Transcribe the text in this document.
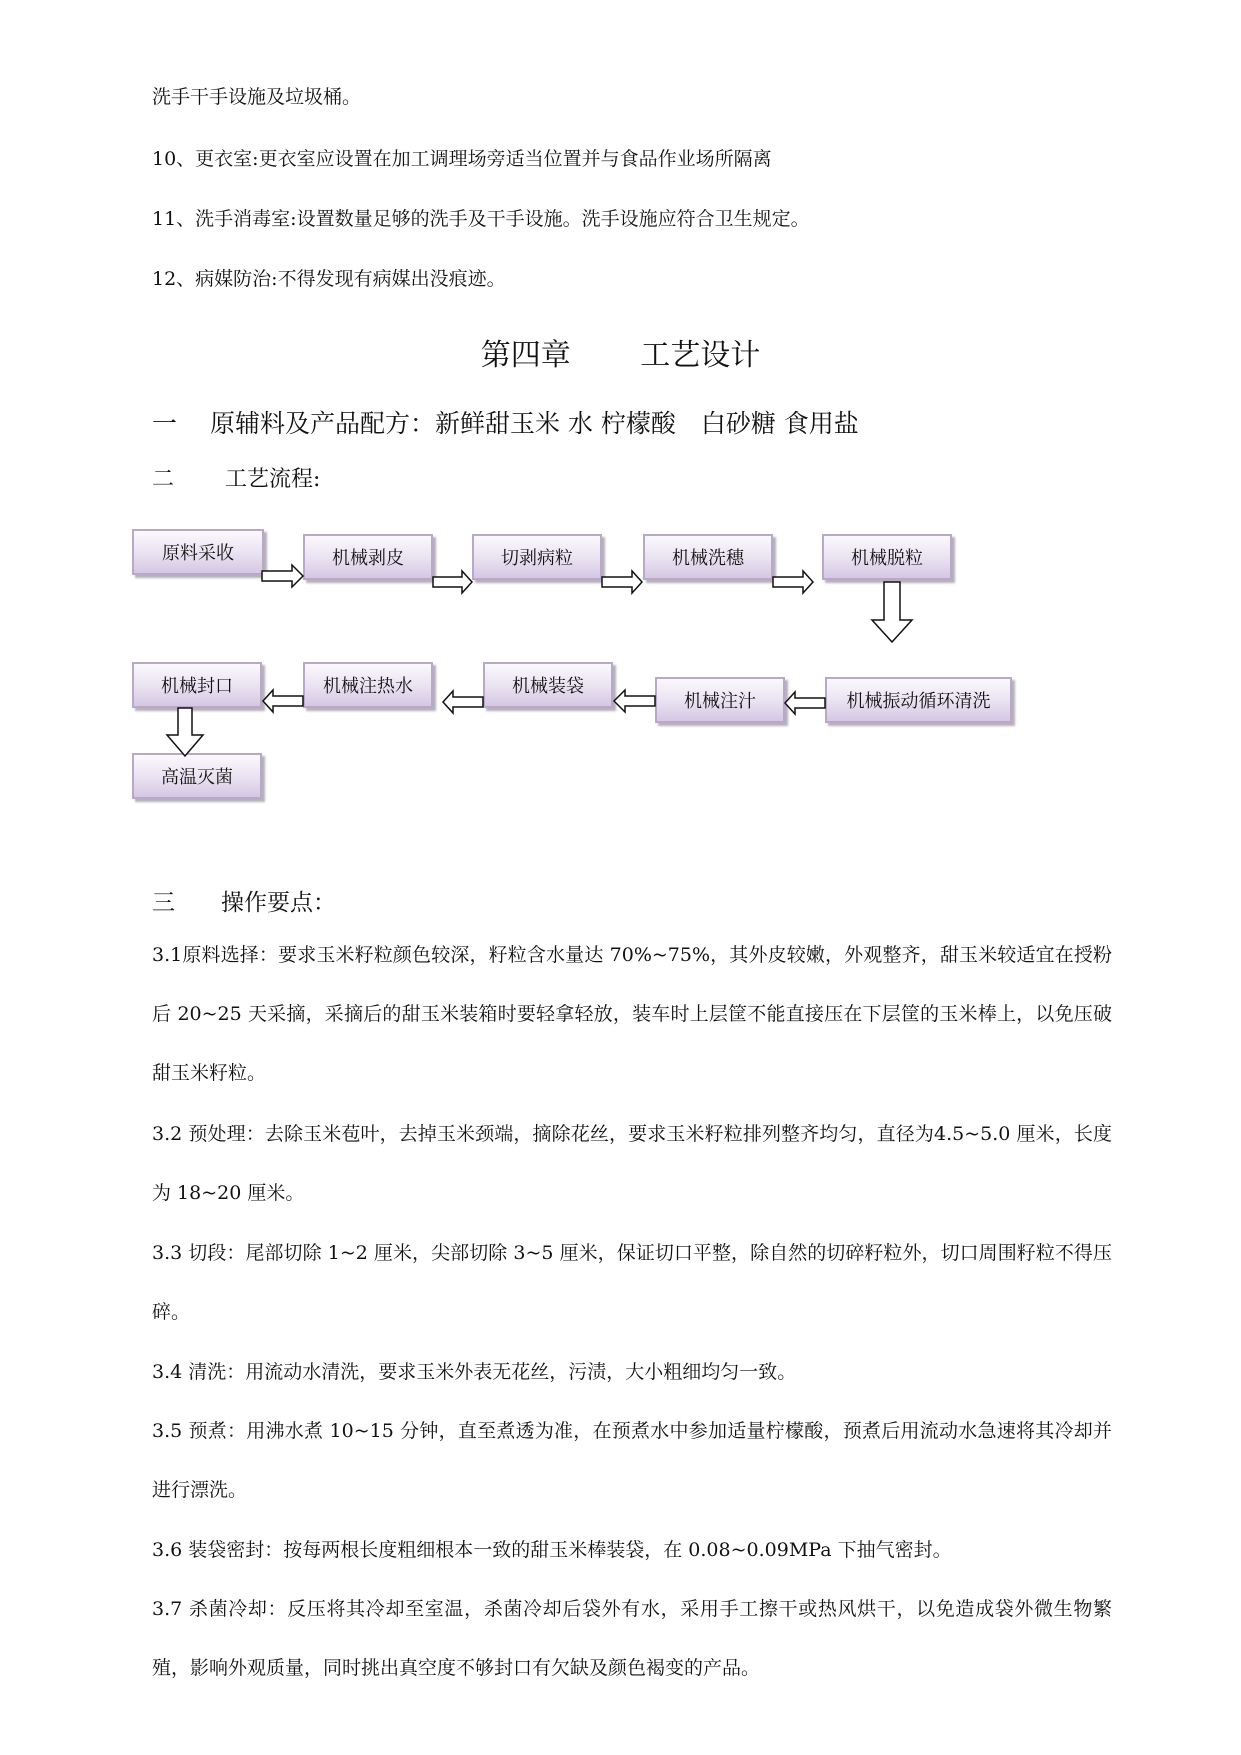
洗手干手设施及垃圾桶。
10、更衣室:更衣室应设置在加工调理场旁适当位置并与食品作业场所隔离
11、洗手消毒室:设置数量足够的洗手及干手设施。洗手设施应符合卫生规定。
12、病媒防治:不得发现有病媒出没痕迹。
第四章　　 工艺设计
一　 原辅料及产品配方：新鲜甜玉米 水 柠檬酸　白砂糖 食用盐
二　　 工艺流程:
原料采收	机械剥皮	切剥病粒	机械洗穗	机械脱粒
机械振动循环清洗
机械注汁
机械装袋
机械注热水
机械封口
高温灭菌
三　　操作要点：
3.1原料选择：要求玉米籽粒颜色较深，籽粒含水量达 70%~75%，其外皮较嫩，外观整齐，甜玉米较适宜在授粉后 20~25 天采摘，采摘后的甜玉米装箱时要轻拿轻放，装车时上层筐不能直接压在下层筐的玉米棒上，以免压破甜玉米籽粒。
3.2 预处理：去除玉米苞叶，去掉玉米颈端，摘除花丝，要求玉米籽粒排列整齐均匀，直径为4.5~5.0 厘米，长度为 18~20 厘米。
3.3 切段：尾部切除 1~2 厘米，尖部切除 3~5 厘米，保证切口平整，除自然的切碎籽粒外，切口周围籽粒不得压碎。
3.4 清洗：用流动水清洗，要求玉米外表无花丝，污渍，大小粗细均匀一致。
3.5 预煮：用沸水煮 10~15 分钟，直至煮透为准，在预煮水中参加适量柠檬酸，预煮后用流动水急速将其冷却并进行漂洗。
3.6 装袋密封：按每两根长度粗细根本一致的甜玉米棒装袋，在 0.08~0.09MPa 下抽气密封。
3.7 杀菌冷却：反压将其冷却至室温，杀菌冷却后袋外有水，采用手工擦干或热风烘干，以免造成袋外微生物繁殖，影响外观质量，同时挑出真空度不够封口有欠缺及颜色褐变的产品。
